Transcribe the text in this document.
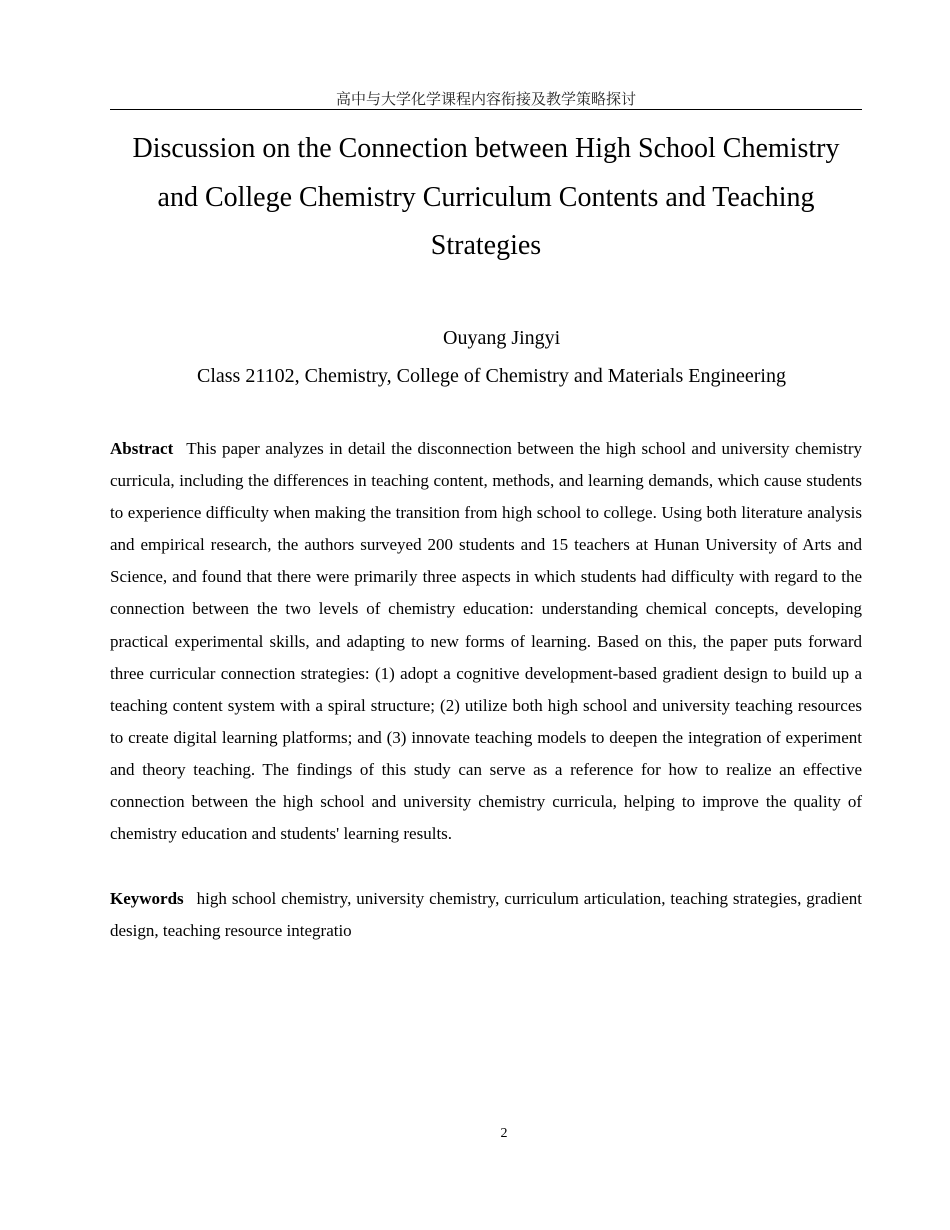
高中与大学化学课程内容衔接及教学策略探讨
Discussion on the Connection between High School Chemistry and College Chemistry Curriculum Contents and Teaching Strategies
Ouyang Jingyi
Class 21102, Chemistry, College of Chemistry and Materials Engineering

Abstract This paper analyzes in detail the disconnection between the high school and university chemistry curricula, including the differences in teaching content, methods, and learning demands, which cause students to experience difficulty when making the transition from high school to college. Using both literature analysis and empirical research, the authors surveyed 200 students and 15 teachers at Hunan University of Arts and Science, and found that there were primarily three aspects in which students had difficulty with regard to the connection between the two levels of chemistry education: understanding chemical concepts, developing practical experimental skills, and adapting to new forms of learning. Based on this, the paper puts forward three curricular connection strategies: (1) adopt a cognitive development-based gradient design to build up a teaching content system with a spiral structure; (2) utilize both high school and university teaching resources to create digital learning platforms; and (3) innovate teaching models to deepen the integration of experiment and theory teaching. The findings of this study can serve as a reference for how to realize an effective connection between the high school and university chemistry curricula, helping to improve the quality of chemistry education and students' learning results.

Keywords high school chemistry, university chemistry, curriculum articulation, teaching strategies, gradient design, teaching resource integratio

2
